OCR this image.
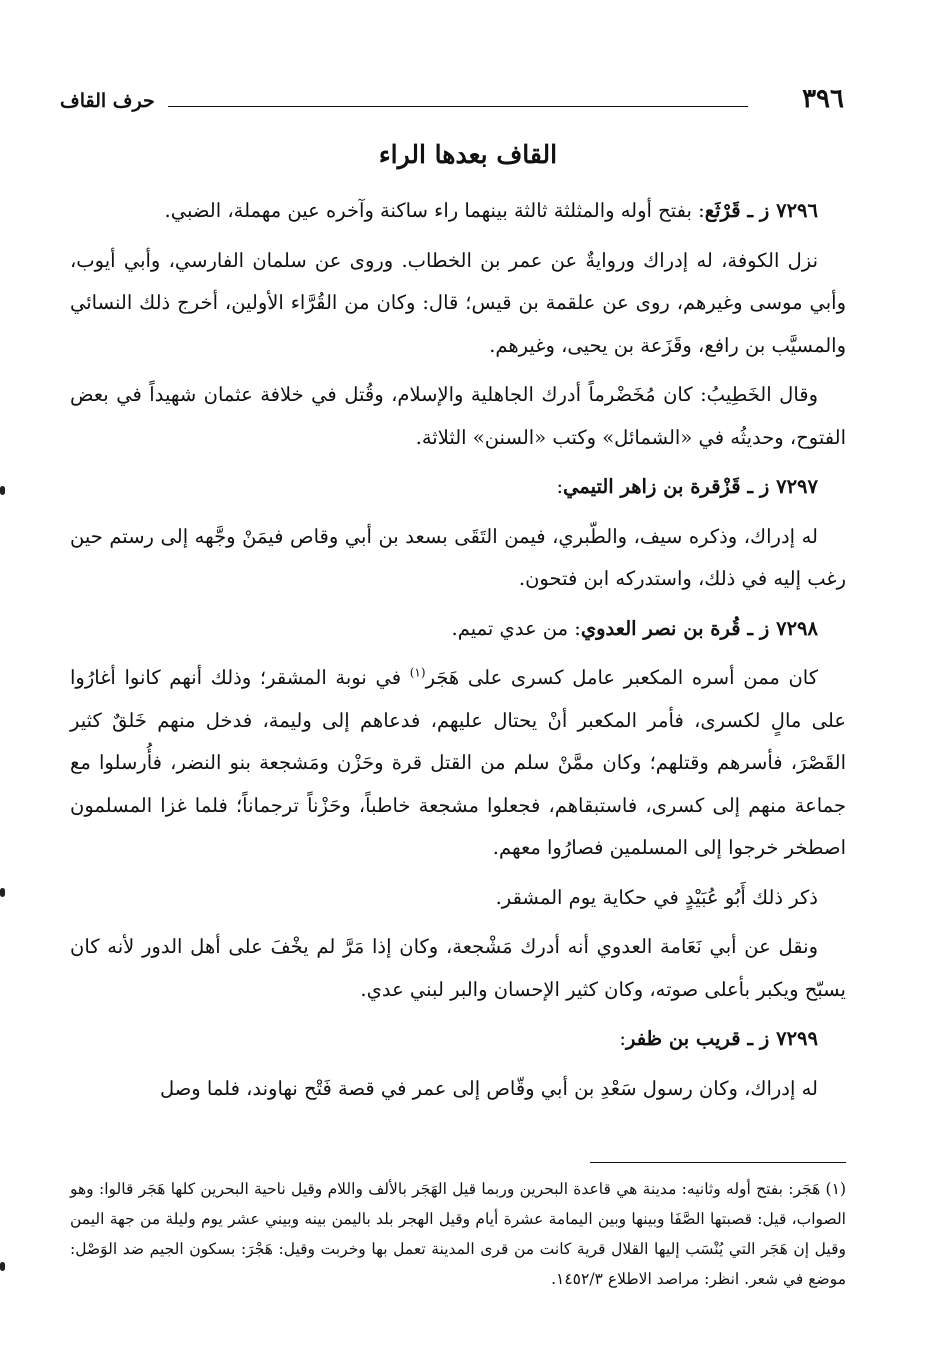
٣٩٦
حرف القاف
القاف بعدها الراء

٧٢٩٦ ز ـ قَرْثَع: بفتح أوله والمثلثة ثالثة بينهما راء ساكنة وآخره عين مهملة، الضبي.

نزل الكوفة، له إدراك وروايةٌ عن عمر بن الخطاب. وروى عن سلمان الفارسي، وأبي أيوب، وأبي موسى وغيرهم، روى عن علقمة بن قيس؛ قال: وكان من القُرَّاء الأولين، أخرج ذلك النسائي والمسيَّب بن رافع، وقَزَعة بن يحيى، وغيرهم.

وقال الخَطِيبُ: كان مُخَضْرماً أدرك الجاهلية والإسلام، وقُتل في خلافة عثمان شهيداً في بعض الفتوح، وحديثُه في «الشمائل» وكتب «السنن» الثلاثة.

٧٢٩٧ ز ـ قَزْقرة بن زاهر التيمي:

له إدراك، وذكره سيف، والطّبري، فيمن التَقَى بسعد بن أبي وقاص فيمَنْ وجَّهه إلى رستم حين رغب إليه في ذلك، واستدركه ابن فتحون.

٧٢٩٨ ز ـ قُرة بن نصر العدوي: من عدي تميم.

كان ممن أسره المكعبر عامل كسرى على هَجَر$^{(١)}$ في نوبة المشقر؛ وذلك أنهم كانوا أغارُوا على مالٍ لكسرى، فأمر المكعبر أنْ يحتال عليهم، فدعاهم إلى وليمة، فدخل منهم خَلقٌ كثير القَصْرَ، فأسرهم وقتلهم؛ وكان ممَّنْ سلم من القتل قرة وحَزْن ومَشجعة بنو النضر، فأُرسلوا مع جماعة منهم إلى كسرى، فاستبقاهم، فجعلوا مشجعة خاطباً، وحَزْناً ترجماناً؛ فلما غزا المسلمون اصطخر خرجوا إلى المسلمين فصارُوا معهم.

ذكر ذلك أَبُو عُبَيْدٍ في حكاية يوم المشقر.

ونقل عن أبي نَعَامة العدوي أنه أدرك مَشْجعة، وكان إذا مَرَّ لم يخْفَ على أهل الدور لأنه كان يسبّح ويكبر بأعلى صوته، وكان كثير الإحسان والبر لبني عدي.

٧٢٩٩ ز ـ قريب بن ظفر:

له إدراك، وكان رسول سَعْدِ بن أبي وقّاص إلى عمر في قصة فَتْح نهاوند، فلما وصل

(١) هَجَر: بفتح أوله وثانيه: مدينة هي قاعدة البحرين وربما قيل الهَجَر بالألف واللام وقيل ناحية البحرين كلها هَجَر قالوا: وهو الصواب، قيل: قصبتها الصَّفَا وبينها وبين اليمامة عشرة أيام وقيل الهجر بلد باليمن بينه وبيني عشر يوم وليلة من جهة اليمن وقيل إن هَجَر التي يُنْسَب إليها القلال قرية كانت من قرى المدينة تعمل بها وخربت وقيل: هَجْرَ: بسكون الجيم ضد الوَصْل: موضع في شعر. انظر: مراصد الاطلاع ١٤٥٢/٣.
